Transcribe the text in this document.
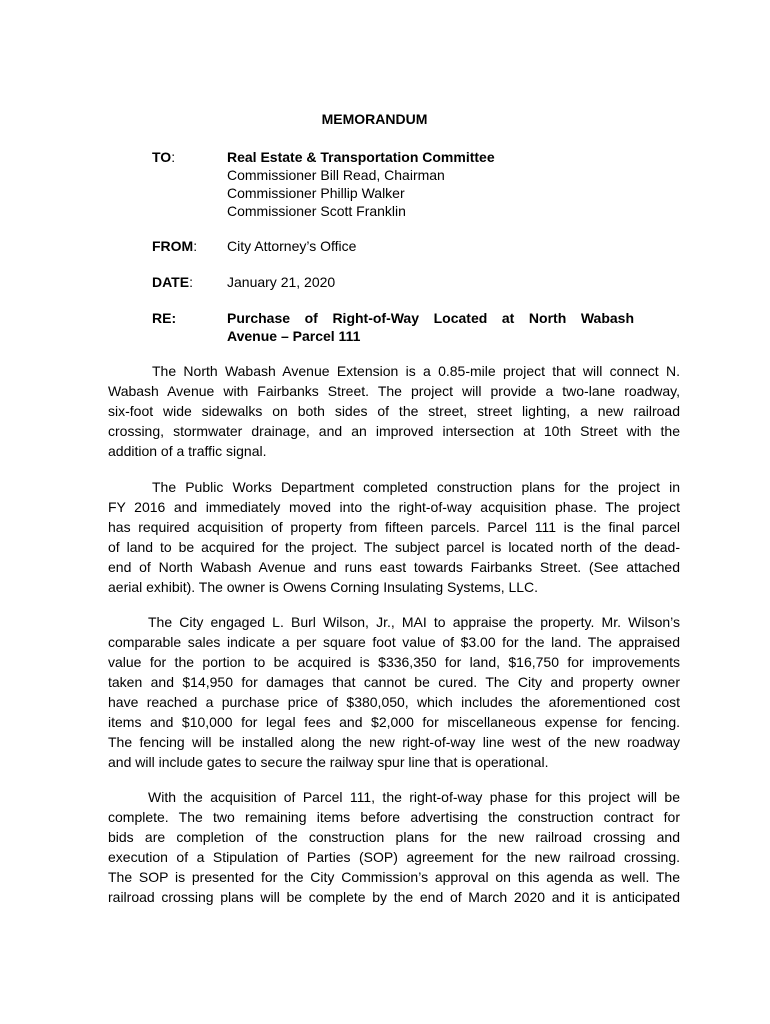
MEMORANDUM
TO:	Real Estate & Transportation Committee
Commissioner Bill Read, Chairman
Commissioner Phillip Walker
Commissioner Scott Franklin
FROM: City Attorney’s Office
DATE: January 21, 2020
RE:	Purchase of Right-of-Way Located at North Wabash
Avenue – Parcel 111
The North Wabash Avenue Extension is a 0.85-mile project that will connect N.
Wabash Avenue with Fairbanks Street. The project will provide a two-lane roadway,
six-foot wide sidewalks on both sides of the street, street lighting, a new railroad
crossing, stormwater drainage, and an improved intersection at 10th Street with the
addition of a traffic signal.
The Public Works Department completed construction plans for the project in
FY 2016 and immediately moved into the right-of-way acquisition phase. The project
has required acquisition of property from fifteen parcels. Parcel 111 is the final parcel
of land to be acquired for the project. The subject parcel is located north of the dead-
end of North Wabash Avenue and runs east towards Fairbanks Street. (See attached
aerial exhibit). The owner is Owens Corning Insulating Systems, LLC.
The City engaged L. Burl Wilson, Jr., MAI to appraise the property. Mr. Wilson’s
comparable sales indicate a per square foot value of $3.00 for the land. The appraised
value for the portion to be acquired is $336,350 for land, $16,750 for improvements
taken and $14,950 for damages that cannot be cured. The City and property owner
have reached a purchase price of $380,050, which includes the aforementioned cost
items and $10,000 for legal fees and $2,000 for miscellaneous expense for fencing.
The fencing will be installed along the new right-of-way line west of the new roadway
and will include gates to secure the railway spur line that is operational.
With the acquisition of Parcel 111, the right-of-way phase for this project will be
complete. The two remaining items before advertising the construction contract for
bids are completion of the construction plans for the new railroad crossing and
execution of a Stipulation of Parties (SOP) agreement for the new railroad crossing.
The SOP is presented for the City Commission’s approval on this agenda as well. The
railroad crossing plans will be complete by the end of March 2020 and it is anticipated
